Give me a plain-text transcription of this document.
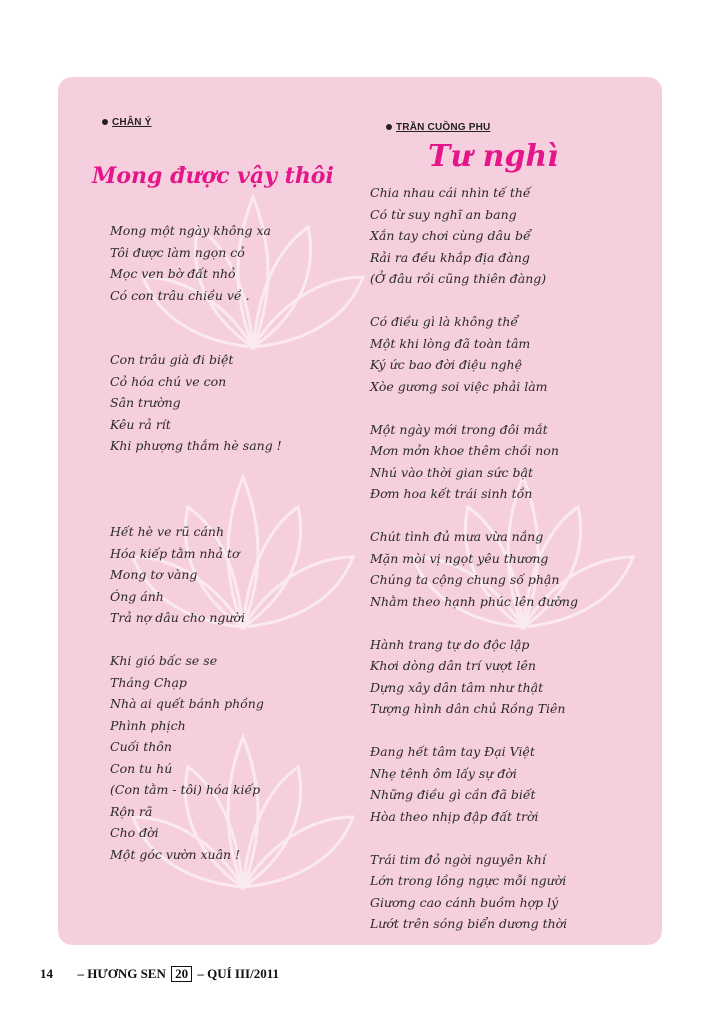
CHÂN Ý
Mong được vậy thôi
Mong một ngày không xa
Tôi được làm ngọn cỏ
Mọc ven bờ đất nhỏ
Có con trâu chiều về .
Con trâu già đi biệt
Cỏ hóa chú ve con
Sân trường
Kêu rả rít
Khi phượng thắm hè sang !
Hết hè ve rũ cánh
Hóa kiếp tằm nhả tơ
Mong tơ vàng
Óng ánh
Trả nợ dâu cho người
Khi gió bấc se se
Tháng Chạp
Nhà ai quết bánh phồng
Phình phịch
Cuối thôn
Con tu hú
(Con tằm - tôi) hóa kiếp
Rộn rã
Cho đời
Một góc vườn xuân !
TRẦN CUỒNG PHU
Tư nghì
Chia nhau cái nhìn tế thế
Có từ suy nghĩ an bang
Xắn tay chơi cùng dâu bể
Rải ra đều khắp địa đàng
(Ở đâu rồi cũng thiên đàng)
Có điều gì là không thể
Một khi lòng đã toàn tâm
Ký ức bao đời điệu nghệ
Xòe gương soi việc phải làm
Một ngày mới trong đôi mắt
Mơn mởn khoe thêm chồi non
Nhú vào thời gian sức bật
Đơm hoa kết trái sinh tồn
Chút tình đủ mưa vừa nắng
Mặn mòi vị ngọt yêu thương
Chúng ta cộng chung số phận
Nhằm theo hạnh phúc lên đường
Hành trang tự do độc lập
Khơi dòng dân trí vượt lên
Dựng xây dân tâm như thật
Tượng hình dân chủ Rồng Tiên
Đang hết tâm tay Đại Việt
Nhẹ tênh ôm lấy sự đời
Những điều gì cần đã biết
Hòa theo nhịp đập đất trời
Trái tim đỏ ngời nguyên khí
Lớn trong lồng ngực mỗi người
Giương cao cánh buồm hợp lý
Lướt trên sóng biển dương thời
14 – HƯƠNG SEN 20 – QUÍ III/2011
